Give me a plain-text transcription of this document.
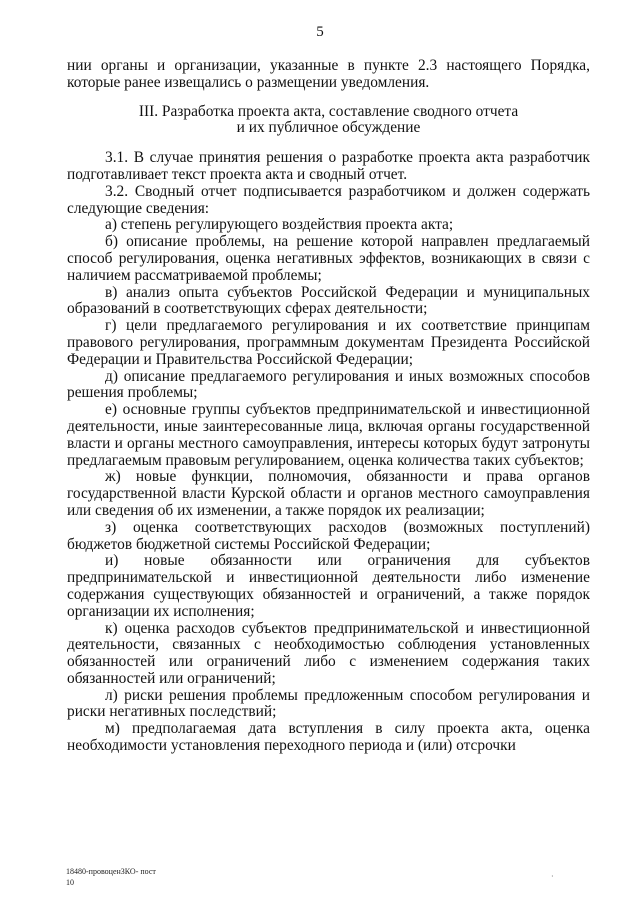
5

нии органы и организации, указанные в пункте 2.3 настоящего Порядка, которые ранее извещались о размещении уведомления.

III. Разработка проекта акта, составление сводного отчета
и их публичное обсуждение

3.1. В случае принятия решения о разработке проекта акта разработчик подготавливает текст проекта акта и сводный отчет.

3.2. Сводный отчет подписывается разработчиком и должен содержать следующие сведения:

а) степень регулирующего воздействия проекта акта;

б) описание проблемы, на решение которой направлен предлагаемый способ регулирования, оценка негативных эффектов, возникающих в связи с наличием рассматриваемой проблемы;

в) анализ опыта субъектов Российской Федерации и муниципальных образований в соответствующих сферах деятельности;

г) цели предлагаемого регулирования и их соответствие принципам правового регулирования, программным документам Президента Российской Федерации и Правительства Российской Федерации;

д) описание предлагаемого регулирования и иных возможных способов решения проблемы;

е) основные группы субъектов предпринимательской и инвестиционной деятельности, иные заинтересованные лица, включая органы государственной власти и органы местного самоуправления, интересы которых будут затронуты предлагаемым правовым регулированием, оценка количества таких субъектов;

ж) новые функции, полномочия, обязанности и права органов государственной власти Курской области и органов местного самоуправления или сведения об их изменении, а также порядок их реализации;

з) оценка соответствующих расходов (возможных поступлений) бюджетов бюджетной системы Российской Федерации;

и) новые обязанности или ограничения для субъектов предпринимательской и инвестиционной деятельности либо изменение содержания существующих обязанностей и ограничений, а также порядок организации их исполнения;

к) оценка расходов субъектов предпринимательской и инвестиционной деятельности, связанных с необходимостью соблюдения установленных обязанностей или ограничений либо с изменением содержания таких обязанностей или ограничений;

л) риски решения проблемы предложенным способом регулирования и риски негативных последствий;

м) предполагаемая дата вступления в силу проекта акта, оценка необходимости установления переходного периода и (или) отсрочки

18480-провоценЗКО- пост
10
·
